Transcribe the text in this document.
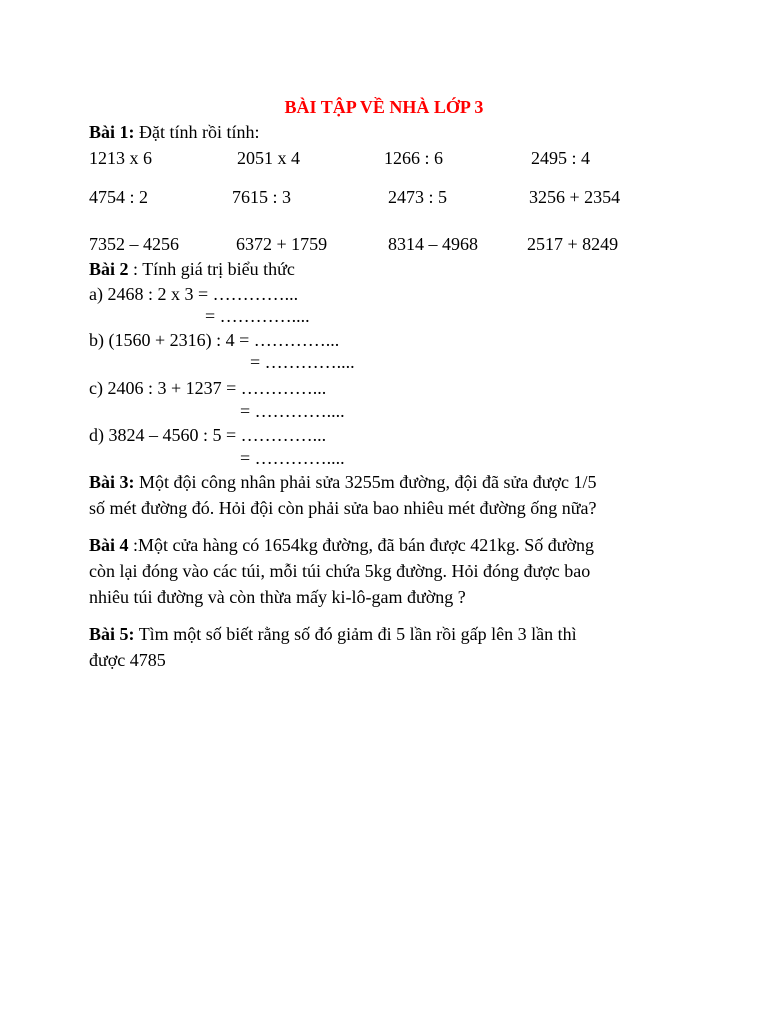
BÀI TẬP VỀ NHÀ LỚP 3
Bài 1: Đặt tính rồi tính:
1213 x 6	2051 x 4	1266 : 6	2495 : 4
4754 : 2	7615 : 3	2473 : 5	3256 + 2354
7352 – 4256	6372 + 1759	8314 – 4968	2517 + 8249
Bài 2 : Tính giá trị biểu thức
a) 2468 : 2 x 3 = …………...
= …………....
b) (1560 + 2316) : 4 = …………...
= …………....
c) 2406 : 3 + 1237 = …………...
= …………....
d) 3824 – 4560 : 5 = …………...
= …………....
Bài 3: Một đội công nhân phải sửa 3255m đường, đội đã sửa được 1/5
số mét đường đó. Hỏi đội còn phải sửa bao nhiêu mét đường ống nữa?
Bài 4 :Một cửa hàng có 1654kg đường, đã bán được 421kg. Số đường
còn lại đóng vào các túi, mỗi túi chứa 5kg đường. Hỏi đóng được bao
nhiêu túi đường và còn thừa mấy ki-lô-gam đường ?
Bài 5: Tìm một số biết rằng số đó giảm đi 5 lần rồi gấp lên 3 lần thì
được 4785
